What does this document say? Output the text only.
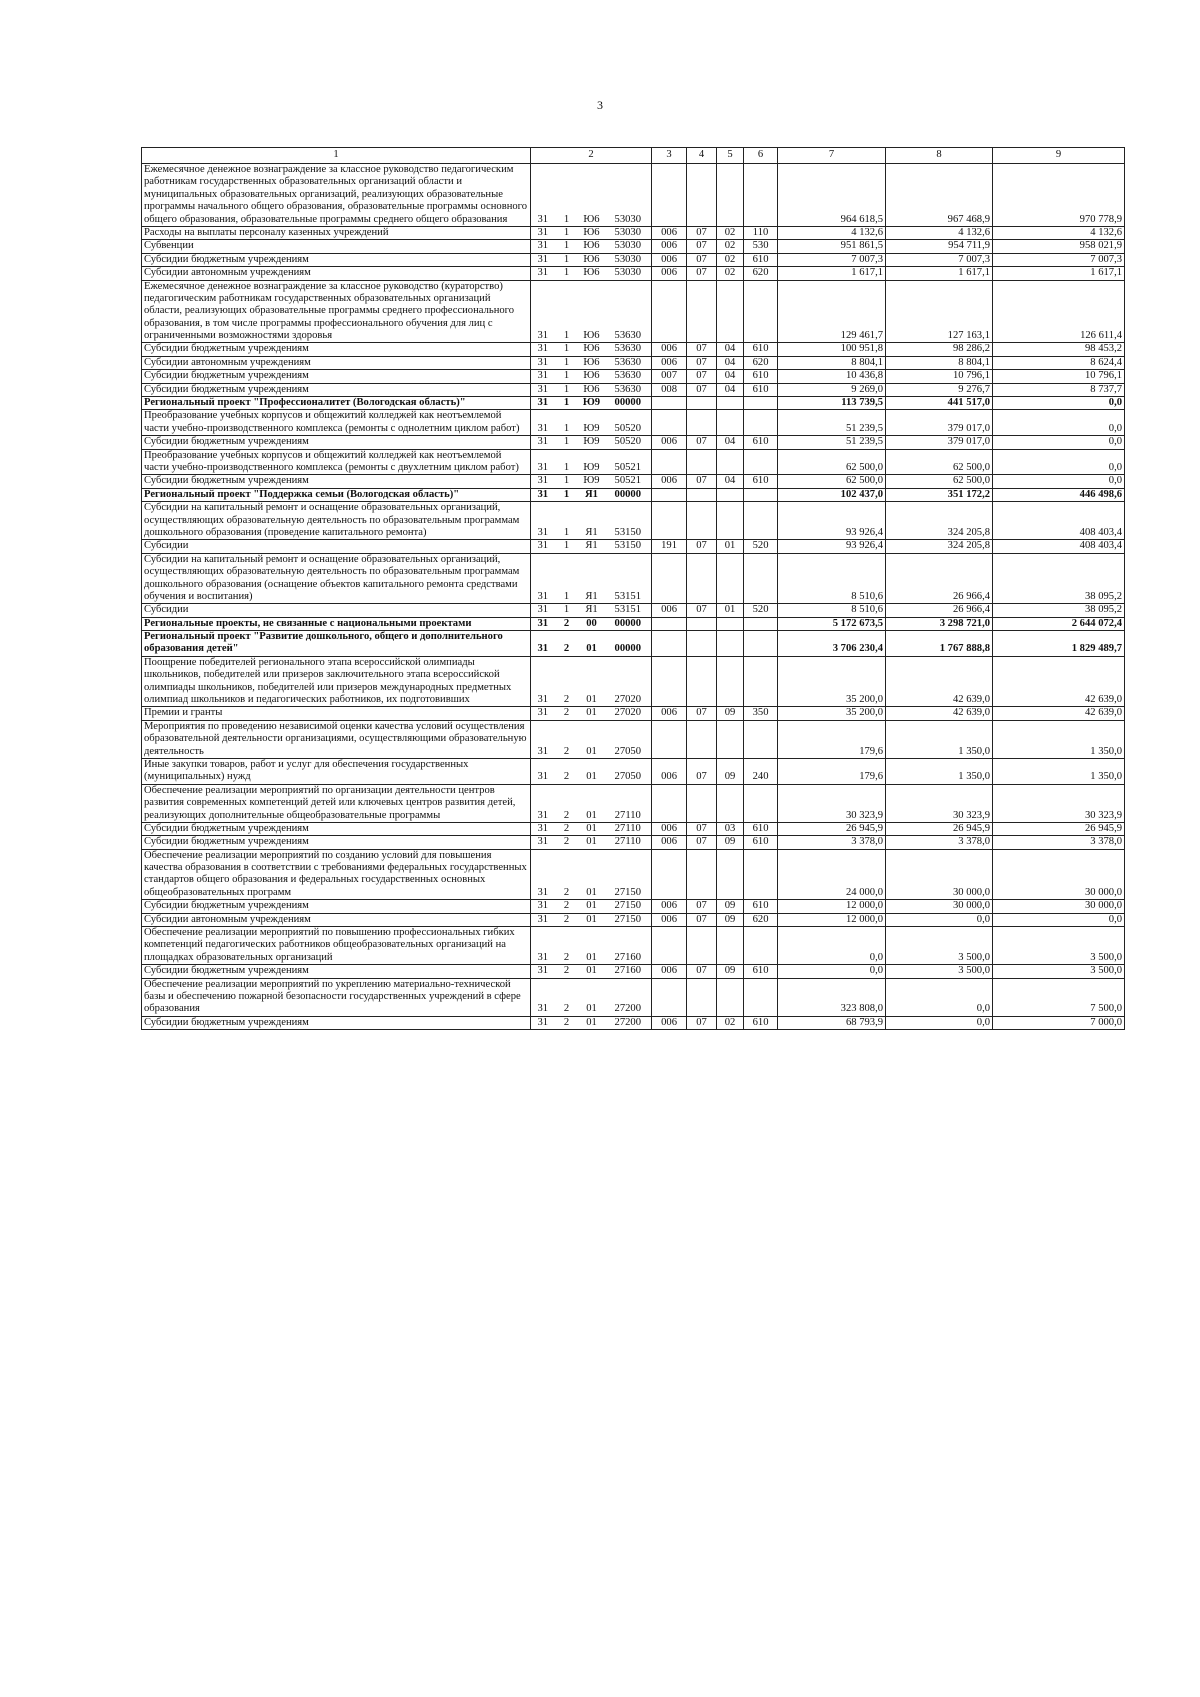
3
1	2				3	4	5	6	7	8	9
Ежемесячное денежное вознаграждение за классное руководство педагогическим работникам государственных образовательных организаций области и муниципальных образовательных организаций, реализующих образовательные программы начального общего образования, образовательные программы основного общего образования, образовательные программы среднего общего образования	31	1	Ю6	53030					964 618,5	967 468,9	970 778,9
Расходы на выплаты персоналу казенных учреждений	31	1	Ю6	53030	006	07	02	110	4 132,6	4 132,6	4 132,6
Субвенции	31	1	Ю6	53030	006	07	02	530	951 861,5	954 711,9	958 021,9
Субсидии бюджетным учреждениям	31	1	Ю6	53030	006	07	02	610	7 007,3	7 007,3	7 007,3
Субсидии автономным учреждениям	31	1	Ю6	53030	006	07	02	620	1 617,1	1 617,1	1 617,1
Ежемесячное денежное вознаграждение за классное руководство (кураторство) педагогическим работникам государственных образовательных организаций области, реализующих образовательные программы среднего профессионального образования, в том числе программы профессионального обучения для лиц с ограниченными возможностями здоровья	31	1	Ю6	53630					129 461,7	127 163,1	126 611,4
Субсидии бюджетным учреждениям	31	1	Ю6	53630	006	07	04	610	100 951,8	98 286,2	98 453,2
Субсидии автономным учреждениям	31	1	Ю6	53630	006	07	04	620	8 804,1	8 804,1	8 624,4
Субсидии бюджетным учреждениям	31	1	Ю6	53630	007	07	04	610	10 436,8	10 796,1	10 796,1
Субсидии бюджетным учреждениям	31	1	Ю6	53630	008	07	04	610	9 269,0	9 276,7	8 737,7
Региональный проект "Профессионалитет (Вологодская область)"	31	1	Ю9	00000					113 739,5	441 517,0	0,0
Преобразование учебных корпусов и общежитий колледжей как неотъемлемой части учебно-производственного комплекса (ремонты с однолетним циклом работ)	31	1	Ю9	50520					51 239,5	379 017,0	0,0
Субсидии бюджетным учреждениям	31	1	Ю9	50520	006	07	04	610	51 239,5	379 017,0	0,0
Преобразование учебных корпусов и общежитий колледжей как неотъемлемой части учебно-производственного комплекса (ремонты с двухлетним циклом работ)	31	1	Ю9	50521					62 500,0	62 500,0	0,0
Субсидии бюджетным учреждениям	31	1	Ю9	50521	006	07	04	610	62 500,0	62 500,0	0,0
Региональный проект "Поддержка семьи (Вологодская область)"	31	1	Я1	00000					102 437,0	351 172,2	446 498,6
Субсидии на капитальный ремонт и оснащение образовательных организаций, осуществляющих образовательную деятельность по образовательным программам дошкольного образования (проведение капитального ремонта)	31	1	Я1	53150					93 926,4	324 205,8	408 403,4
Субсидии	31	1	Я1	53150	191	07	01	520	93 926,4	324 205,8	408 403,4
Субсидии на капитальный ремонт и оснащение образовательных организаций, осуществляющих образовательную деятельность по образовательным программам дошкольного образования (оснащение объектов капитального ремонта средствами обучения и воспитания)	31	1	Я1	53151					8 510,6	26 966,4	38 095,2
Субсидии	31	1	Я1	53151	006	07	01	520	8 510,6	26 966,4	38 095,2
Региональные проекты, не связанные с национальными проектами	31	2	00	00000					5 172 673,5	3 298 721,0	2 644 072,4
Региональный проект "Развитие дошкольного, общего и дополнительного образования детей"	31	2	01	00000					3 706 230,4	1 767 888,8	1 829 489,7
Поощрение победителей регионального этапа всероссийской олимпиады школьников, победителей или призеров заключительного этапа всероссийской олимпиады школьников, победителей или призеров международных предметных олимпиад школьников и педагогических работников, их подготовивших	31	2	01	27020					35 200,0	42 639,0	42 639,0
Премии и гранты	31	2	01	27020	006	07	09	350	35 200,0	42 639,0	42 639,0
Мероприятия по проведению независимой оценки качества условий осуществления образовательной деятельности организациями, осуществляющими образовательную деятельность	31	2	01	27050					179,6	1 350,0	1 350,0
Иные закупки товаров, работ и услуг для обеспечения государственных (муниципальных) нужд	31	2	01	27050	006	07	09	240	179,6	1 350,0	1 350,0
Обеспечение реализации мероприятий по организации деятельности центров развития современных компетенций детей или ключевых центров развития детей, реализующих дополнительные общеобразовательные программы	31	2	01	27110					30 323,9	30 323,9	30 323,9
Субсидии бюджетным учреждениям	31	2	01	27110	006	07	03	610	26 945,9	26 945,9	26 945,9
Субсидии бюджетным учреждениям	31	2	01	27110	006	07	09	610	3 378,0	3 378,0	3 378,0
Обеспечение реализации мероприятий по созданию условий для повышения качества образования в соответствии с требованиями федеральных государственных стандартов общего образования и федеральных государственных основных общеобразовательных программ	31	2	01	27150					24 000,0	30 000,0	30 000,0
Субсидии бюджетным учреждениям	31	2	01	27150	006	07	09	610	12 000,0	30 000,0	30 000,0
Субсидии автономным учреждениям	31	2	01	27150	006	07	09	620	12 000,0	0,0	0,0
Обеспечение реализации мероприятий по повышению профессиональных гибких компетенций педагогических работников общеобразовательных организаций на площадках образовательных организаций	31	2	01	27160					0,0	3 500,0	3 500,0
Субсидии бюджетным учреждениям	31	2	01	27160	006	07	09	610	0,0	3 500,0	3 500,0
Обеспечение реализации мероприятий по укреплению материально-технической базы и обеспечению пожарной безопасности государственных учреждений в сфере образования	31	2	01	27200					323 808,0	0,0	7 500,0
Субсидии бюджетным учреждениям	31	2	01	27200	006	07	02	610	68 793,9	0,0	7 000,0
